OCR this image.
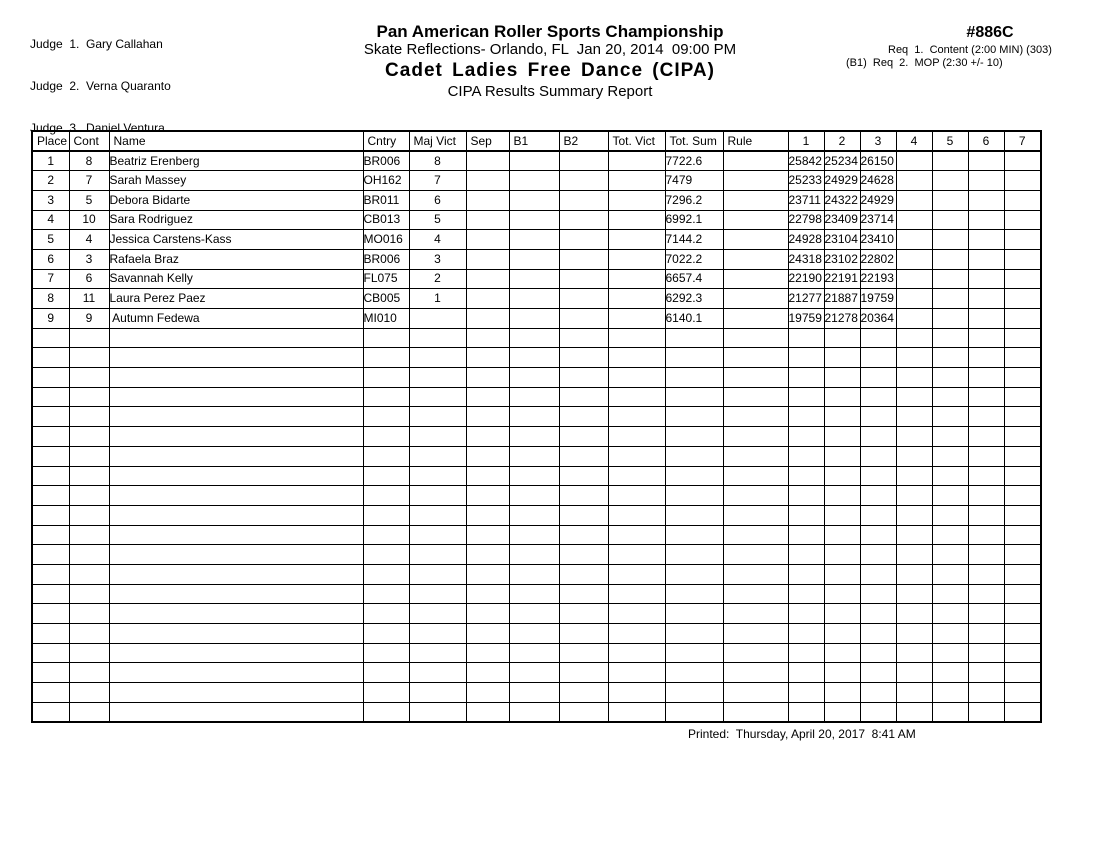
Judge  1.  Gary Callahan

Judge  2.  Verna Quaranto

Judge  3.  Daniel Ventura

Pan American Roller Sports Championship
Skate Reflections- Orlando, FL  Jan 20, 2014  09:00 PM
Cadet Ladies Free Dance (CIPA)
CIPA Results Summary Report
#886C
Req  1.  Content (2:00 MIN) (303)
(B1)  Req  2.  MOP (2:30 +/- 10)
Place	Cont	Name	Cntry	Maj Vict	Sep	B1	B2	Tot. Vict	Tot. Sum	Rule	1	2	3	4	5	6	7
1	8	Beatriz Erenberg	BR006	8					7722.6		25842	25234	26150				
2	7	Sarah Massey	OH162	7					7479		25233	24929	24628				
3	5	Debora Bidarte	BR011	6					7296.2		23711	24322	24929				
4	10	Sara Rodriguez	CB013	5					6992.1		22798	23409	23714				
5	4	Jessica Carstens-Kass	MO016	4					7144.2		24928	23104	23410				
6	3	Rafaela Braz	BR006	3					7022.2		24318	23102	22802				
7	6	Savannah Kelly	FL075	2					6657.4		22190	22191	22193				
8	11	Laura Perez Paez	CB005	1					6292.3		21277	21887	19759				
9	9	Autumn Fedewa	MI010						6140.1		19759	21278	20364				

Printed:  Thursday, April 20, 2017  8:41 AM
